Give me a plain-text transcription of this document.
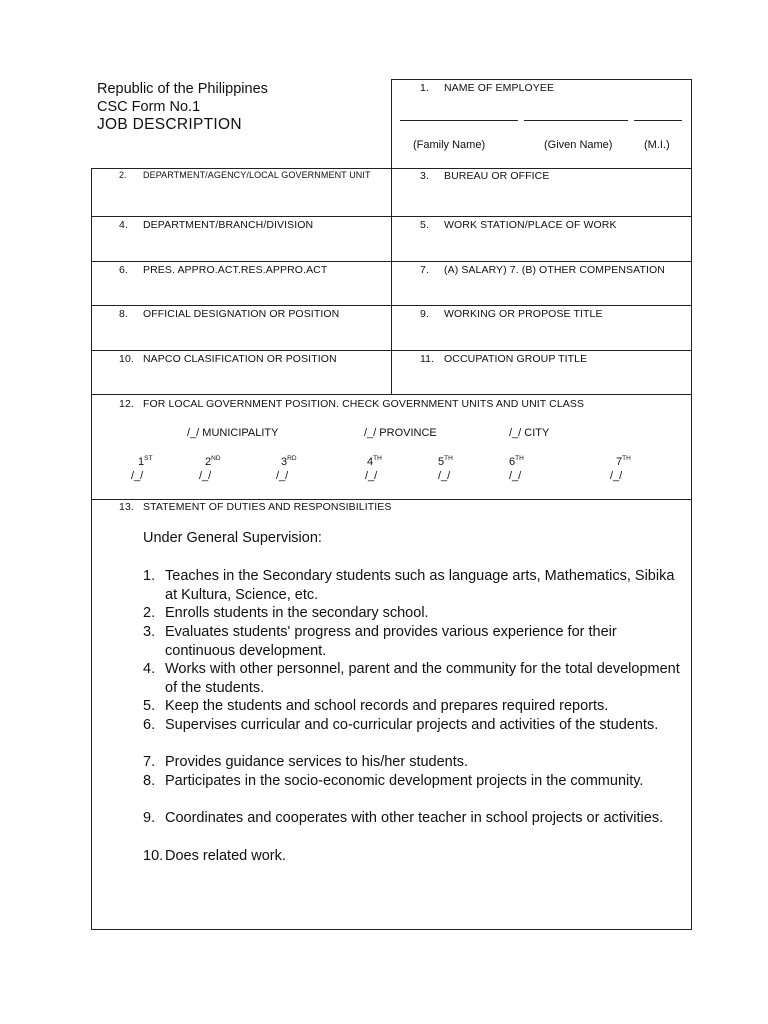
Republic of the Philippines
CSC Form No.1
JOB DESCRIPTION
1. NAME OF EMPLOYEE
(Family Name)	(Given Name)	(M.I.)
2. DEPARTMENT/AGENCY/LOCAL GOVERNMENT UNIT	3. BUREAU OR OFFICE
4. DEPARTMENT/BRANCH/DIVISION	5. WORK STATION/PLACE OF WORK
6. PRES. APPRO.ACT.RES.APPRO.ACT	7. (A) SALARY) 7. (B) OTHER COMPENSATION
8. OFFICIAL DESIGNATION OR POSITION	9. WORKING OR PROPOSE TITLE
10. NAPCO CLASIFICATION OR POSITION	11. OCCUPATION GROUP TITLE
12. FOR LOCAL GOVERNMENT POSITION. CHECK GOVERNMENT UNITS AND UNIT CLASS
/_/ MUNICIPALITY	/_/ PROVINCE	/_/ CITY
1ST	2ND	3RD	4TH	5TH	6TH	7TH
/_/	/_/	/_/	/_/	/_/	/_/	/_/
13. STATEMENT OF DUTIES AND RESPONSIBILITIES
Under General Supervision:
1. Teaches in the Secondary students such as language arts, Mathematics, Sibika at Kultura, Science, etc.
2. Enrolls students in the secondary school.
3. Evaluates students' progress and provides various experience for their continuous development.
4. Works with other personnel, parent and the community for the total development of the students.
5. Keep the students and school records and prepares required reports.
6. Supervises curricular and co-curricular projects and activities of the students.
7. Provides guidance services to his/her students.
8. Participates in the socio-economic development projects in the community.
9. Coordinates and cooperates with other teacher in school projects or activities.
10. Does related work.
